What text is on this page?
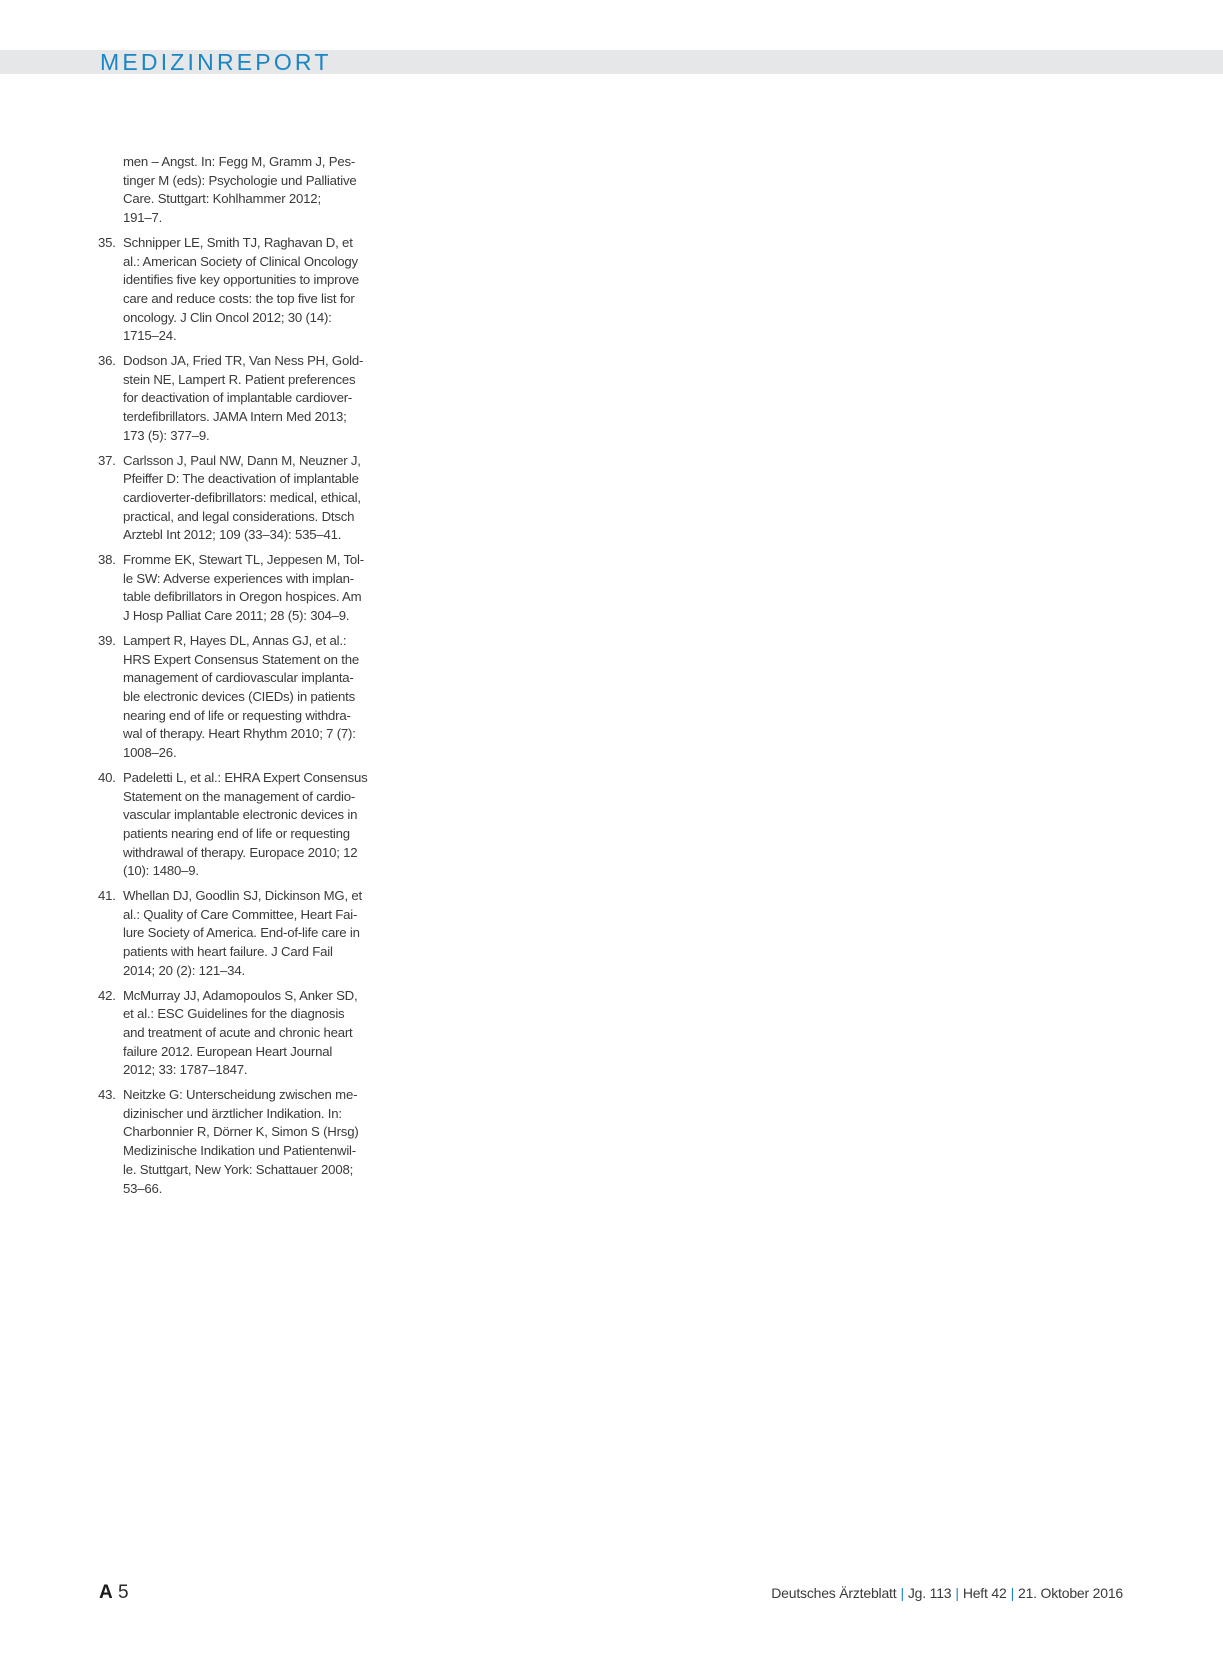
MEDIZINREPORT
men – Angst. In: Fegg M, Gramm J, Pes-
tinger M (eds): Psychologie und Palliative
Care. Stuttgart: Kohlhammer 2012;
191–7.
35. Schnipper LE, Smith TJ, Raghavan D, et
al.: American Society of Clinical Oncology
identifies five key opportunities to improve
care and reduce costs: the top five list for
oncology. J Clin Oncol 2012; 30 (14):
1715–24.
36. Dodson JA, Fried TR, Van Ness PH, Gold-
stein NE, Lampert R. Patient preferences
for deactivation of implantable cardiover-
terdefibrillators. JAMA Intern Med 2013;
173 (5): 377–9.
37. Carlsson J, Paul NW, Dann M, Neuzner J,
Pfeiffer D: The deactivation of implantable
cardioverter-defibrillators: medical, ethical,
practical, and legal considerations. Dtsch
Arztebl Int 2012; 109 (33–34): 535–41.
38. Fromme EK, Stewart TL, Jeppesen M, Tol-
le SW: Adverse experiences with implan-
table defibrillators in Oregon hospices. Am
J Hosp Palliat Care 2011; 28 (5): 304–9.
39. Lampert R, Hayes DL, Annas GJ, et al.:
HRS Expert Consensus Statement on the
management of cardiovascular implanta-
ble electronic devices (CIEDs) in patients
nearing end of life or requesting withdra-
wal of therapy. Heart Rhythm 2010; 7 (7):
1008–26.
40. Padeletti L, et al.: EHRA Expert Consensus
Statement on the management of cardio-
vascular implantable electronic devices in
patients nearing end of life or requesting
withdrawal of therapy. Europace 2010; 12
(10): 1480–9.
41. Whellan DJ, Goodlin SJ, Dickinson MG, et
al.: Quality of Care Committee, Heart Fai-
lure Society of America. End-of-life care in
patients with heart failure. J Card Fail
2014; 20 (2): 121–34.
42. McMurray JJ, Adamopoulos S, Anker SD,
et al.: ESC Guidelines for the diagnosis
and treatment of acute and chronic heart
failure 2012. European Heart Journal
2012; 33: 1787–1847.
43. Neitzke G: Unterscheidung zwischen me-
dizinischer und ärztlicher Indikation. In:
Charbonnier R, Dörner K, Simon S (Hrsg)
Medizinische Indikation und Patientenwil-
le. Stuttgart, New York: Schattauer 2008;
53–66.
A 5	Deutsches Ärzteblatt | Jg. 113 | Heft 42 | 21. Oktober 2016
